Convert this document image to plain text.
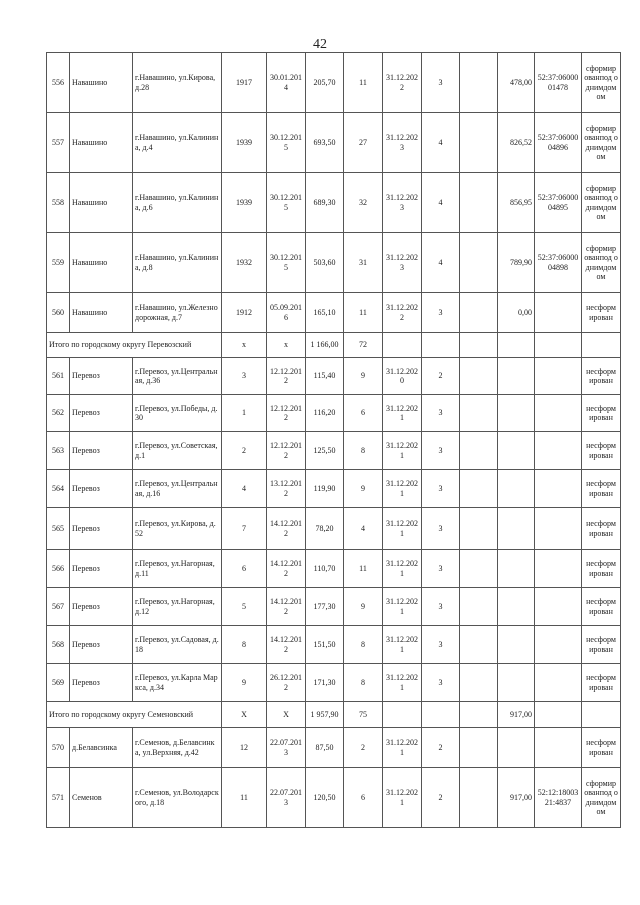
42
556	Навашино	г.Навашино, ул.Кирова, д.28	1917	30.01.2014	205,70	11	31.12.2022	3		478,00	52:37:0600001478	сформированпод однимдомом
557	Навашино	г.Навашино, ул.Калинина, д.4	1939	30.12.2015	693,50	27	31.12.2023	4		826,52	52:37:0600004896	сформированпод однимдомом
558	Навашино	г.Навашино, ул.Калинина, д.6	1939	30.12.2015	689,30	32	31.12.2023	4		856,95	52:37:0600004895	сформированпод однимдомом
559	Навашино	г.Навашино, ул.Калинина, д.8	1932	30.12.2015	503,60	31	31.12.2023	4		789,90	52:37:0600004898	сформированпод однимдомом
560	Навашино	г.Навашино, ул.Железнодорожная, д.7	1912	05.09.2016	165,10	11	31.12.2022	3		0,00		несформирован
Итого по городскому округу Перевозский			х	х	1 166,00	72						
561	Перевоз	г.Перевоз, ул.Центральная, д.36	3	12.12.2012	115,40	9	31.12.2020	2				несформирован
562	Перевоз	г.Перевоз, ул.Победы, д.30	1	12.12.2012	116,20	6	31.12.2021	3				несформирован
563	Перевоз	г.Перевоз, ул.Советская, д.1	2	12.12.2012	125,50	8	31.12.2021	3				несформирован
564	Перевоз	г.Перевоз, ул.Центральная, д.16	4	13.12.2012	119,90	9	31.12.2021	3				несформирован
565	Перевоз	г.Перевоз, ул.Кирова, д.52	7	14.12.2012	78,20	4	31.12.2021	3				несформирован
566	Перевоз	г.Перевоз, ул.Нагорная, д.11	6	14.12.2012	110,70	11	31.12.2021	3				несформирован
567	Перевоз	г.Перевоз, ул.Нагорная, д.12	5	14.12.2012	177,30	9	31.12.2021	3				несформирован
568	Перевоз	г.Перевоз, ул.Садовая, д.18	8	14.12.2012	151,50	8	31.12.2021	3				несформирован
569	Перевоз	г.Перевоз, ул.Карла Маркса, д.34	9	26.12.2012	171,30	8	31.12.2021	3				несформирован
Итого по городскому округу Семеновский			Х	Х	1 957,90	75				917,00		
570	д.Белавсинка	г.Семенов, д.Белавсинка, ул.Верхняя, д.42	12	22.07.2013	87,50	2	31.12.2021	2				несформирован
571	Семенов	г.Семенов, ул.Володарского, д.18	11	22.07.2013	120,50	6	31.12.2021	2		917,00	52:12:1800321:4837	сформированпод однимдомом
